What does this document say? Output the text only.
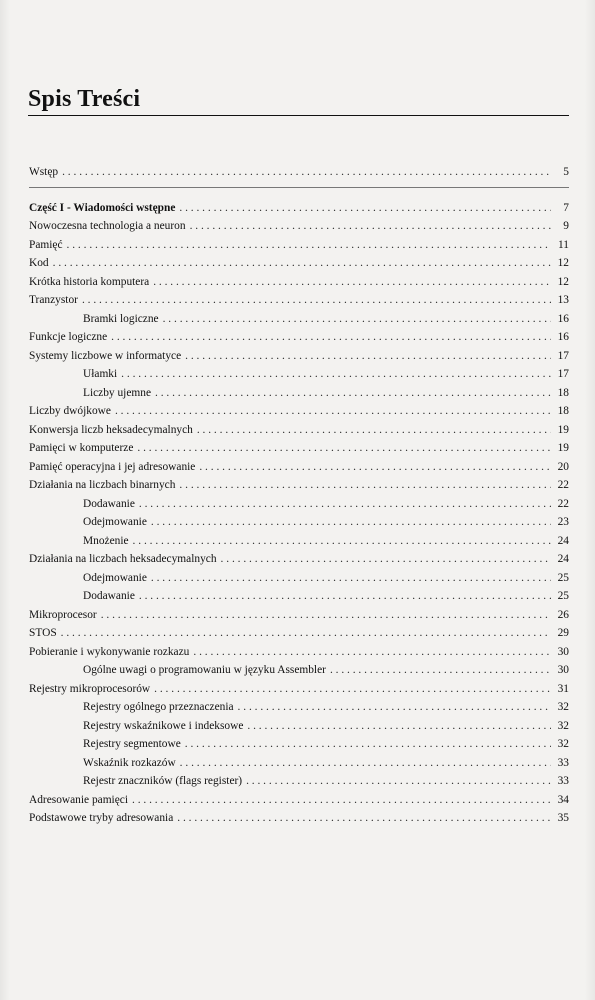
Spis Treści
Wstęp . . .	5
Część I - Wiadomości wstępne . . .	7
Nowoczesna technologia a neuron . . .	9
Pamięć . . .	11
Kod . . .	12
Krótka historia komputera . . .	12
Tranzystor . . .	13
Bramki logiczne . . .	16
Funkcje logiczne . . .	16
Systemy liczbowe w informatyce . . .	17
Ułamki . . .	17
Liczby ujemne . . .	18
Liczby dwójkowe . . .	18
Konwersja liczb heksadecymalnych . . .	19
Pamięci w komputerze . . .	19
Pamięć operacyjna i jej adresowanie . . .	20
Działania na liczbach binarnych . . .	22
Dodawanie . . .	22
Odejmowanie . . .	23
Mnożenie . . .	24
Działania na liczbach heksadecymalnych . . .	24
Odejmowanie . . .	25
Dodawanie . . .	25
Mikroprocesor . . .	26
STOS . . .	29
Pobieranie i wykonywanie rozkazu . . .	30
Ogólne uwagi o programowaniu w języku Assembler . . .	30
Rejestry mikroprocesorów . . .	31
Rejestry ogólnego przeznaczenia . . .	32
Rejestry wskaźnikowe i indeksowe . . .	32
Rejestry segmentowe . . .	32
Wskaźnik rozkazów . . .	33
Rejestr znaczników (flags register) . . .	33
Adresowanie pamięci . . .	34
Podstawowe tryby adresowania . . .	35
